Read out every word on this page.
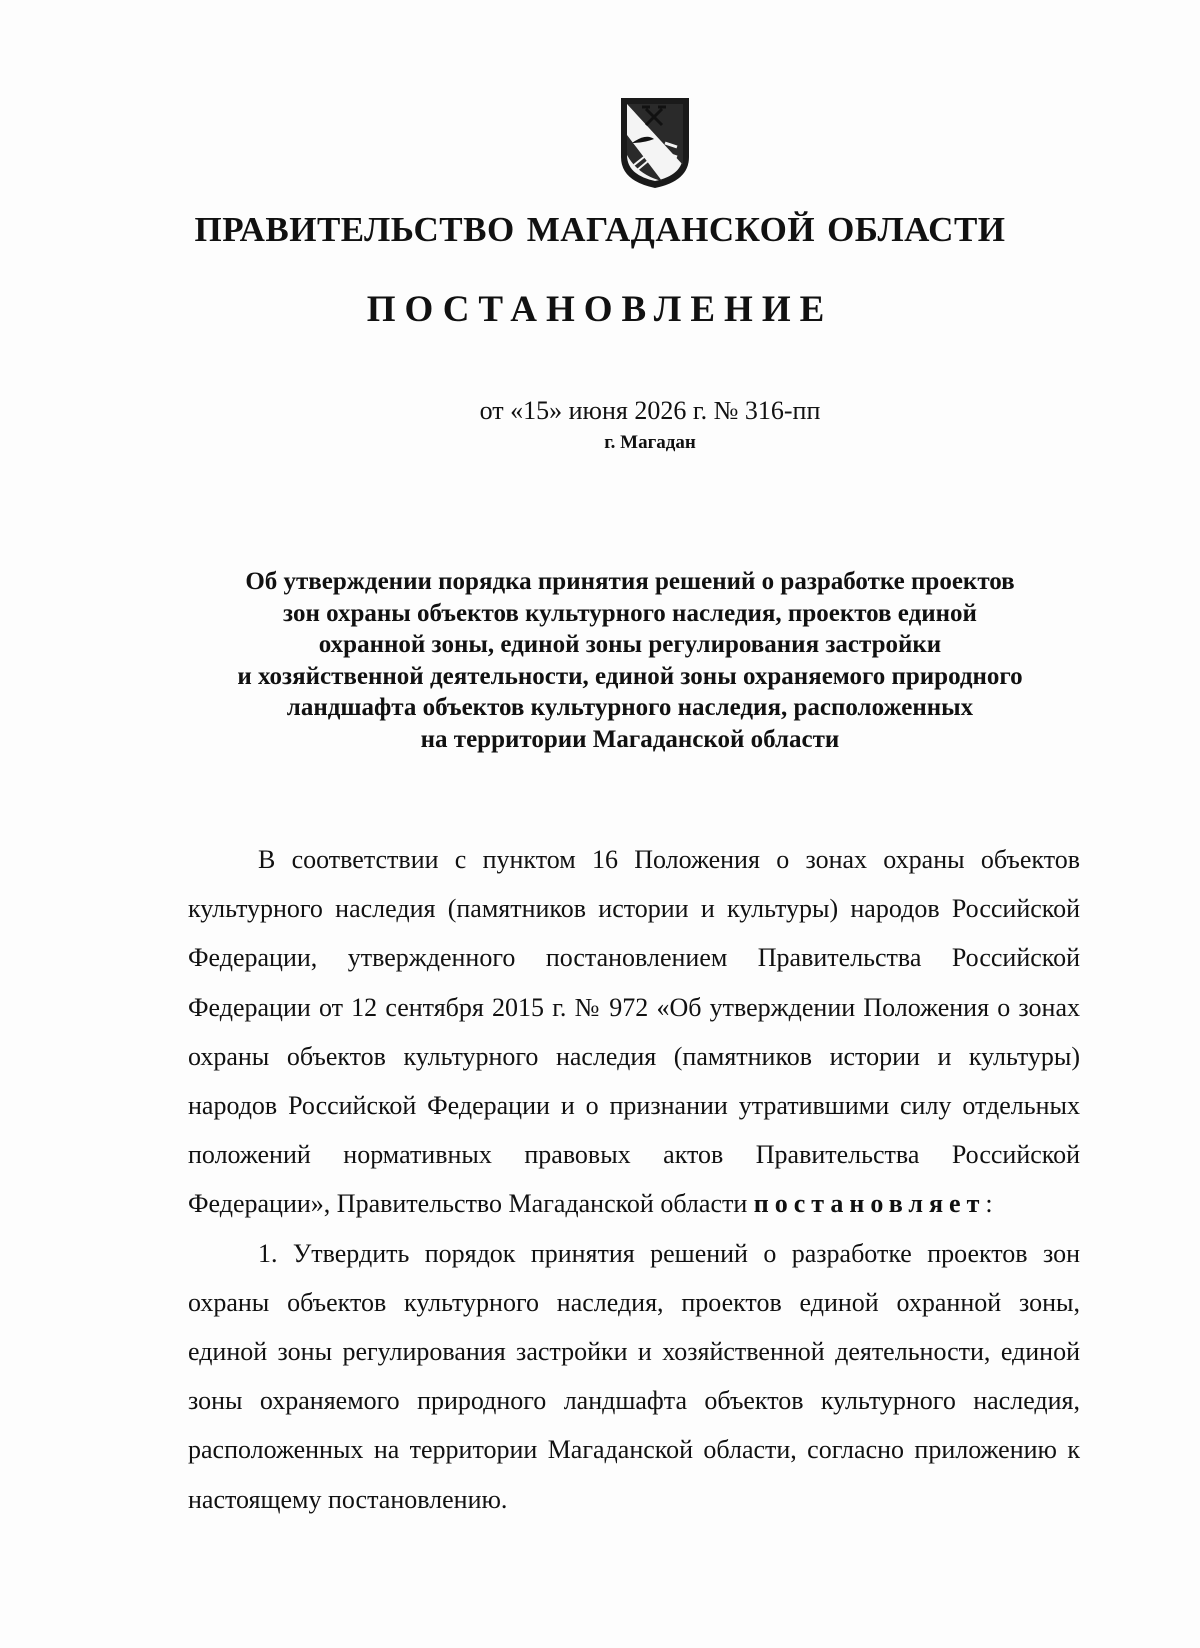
ПРАВИТЕЛЬСТВО МАГАДАНСКОЙ ОБЛАСТИ
ПОСТАНОВЛЕНИЕ

от «15» июня 2026 г. № 316-пп

г. Магадан

Об утверждении порядка принятия решений о разработке проектов
зон охраны объектов культурного наследия, проектов единой
охранной зоны, единой зоны регулирования застройки
и хозяйственной деятельности, единой зоны охраняемого природного
ландшафта объектов культурного наследия, расположенных
на территории Магаданской области

В соответствии с пунктом 16 Положения о зонах охраны объектов культурного наследия (памятников истории и культуры) народов Российской Федерации, утвержденного постановлением Правительства Российской Федерации от 12 сентября 2015 г. № 972 «Об утверждении Положения о зонах охраны объектов культурного наследия (памятников истории и культуры) народов Российской Федерации и о признании утратившими силу отдельных положений нормативных правовых актов Правительства Российской Федерации», Правительство Магаданской области постановляет:

1. Утвердить порядок принятия решений о разработке проектов зон охраны объектов культурного наследия, проектов единой охранной зоны, единой зоны регулирования застройки и хозяйственной деятельности, единой зоны охраняемого природного ландшафта объектов культурного наследия, расположенных на территории Магаданской области, согласно приложению к настоящему постановлению.
